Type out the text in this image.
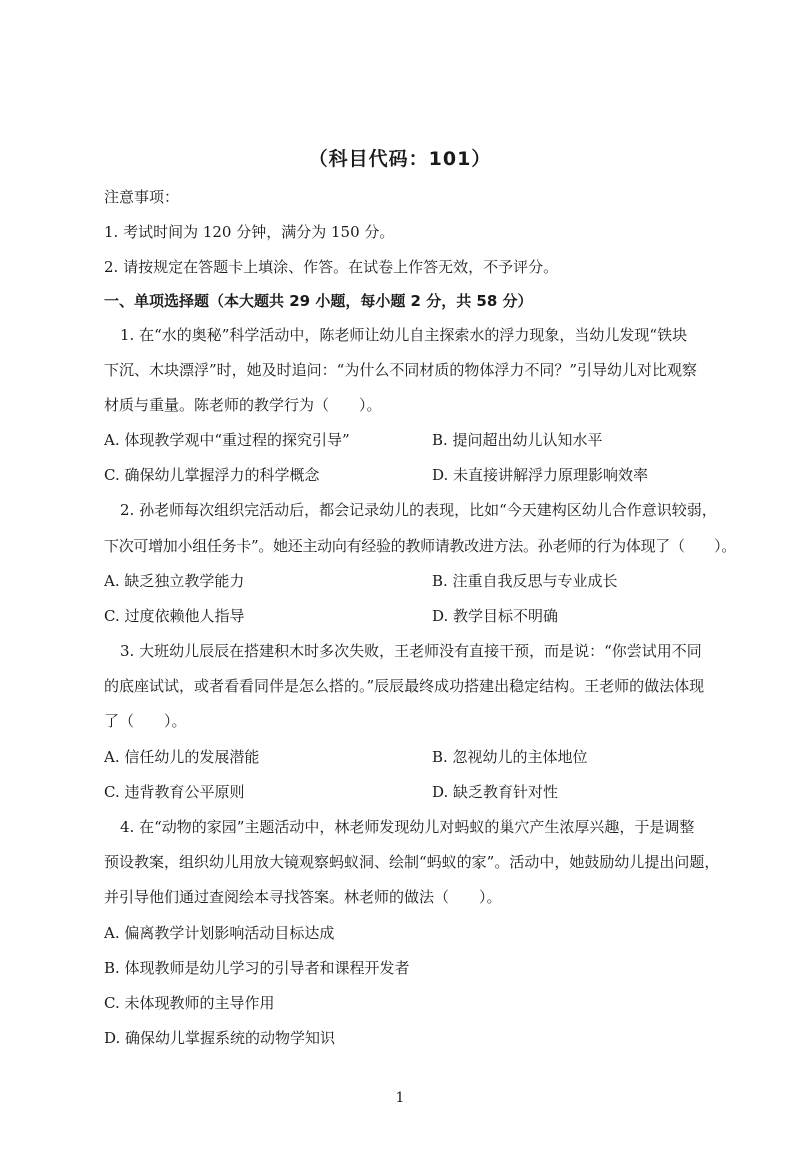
（科目代码：101）
注意事项：
1. 考试时间为 120 分钟，满分为 150 分。
2. 请按规定在答题卡上填涂、作答。在试卷上作答无效，不予评分。
一、单项选择题（本大题共 29 小题，每小题 2 分，共 58 分）
1. 在“水的奥秘”科学活动中，陈老师让幼儿自主探索水的浮力现象，当幼儿发现“铁块
下沉、木块漂浮”时，她及时追问：“为什么不同材质的物体浮力不同？”引导幼儿对比观察
材质与重量。陈老师的教学行为（　　）。
A. 体现教学观中“重过程的探究引导”	B. 提问超出幼儿认知水平
C. 确保幼儿掌握浮力的科学概念	D. 未直接讲解浮力原理影响效率
2. 孙老师每次组织完活动后，都会记录幼儿的表现，比如“今天建构区幼儿合作意识较弱，
下次可增加小组任务卡”。她还主动向有经验的教师请教改进方法。孙老师的行为体现了（　　）。
A. 缺乏独立教学能力	B. 注重自我反思与专业成长
C. 过度依赖他人指导	D. 教学目标不明确
3. 大班幼儿辰辰在搭建积木时多次失败，王老师没有直接干预，而是说：“你尝试用不同
的底座试试，或者看看同伴是怎么搭的。”辰辰最终成功搭建出稳定结构。王老师的做法体现
了（　　）。
A. 信任幼儿的发展潜能	B. 忽视幼儿的主体地位
C. 违背教育公平原则	D. 缺乏教育针对性
4. 在“动物的家园”主题活动中，林老师发现幼儿对蚂蚁的巢穴产生浓厚兴趣，于是调整
预设教案，组织幼儿用放大镜观察蚂蚁洞、绘制“蚂蚁的家”。活动中，她鼓励幼儿提出问题，
并引导他们通过查阅绘本寻找答案。林老师的做法（　　）。
A. 偏离教学计划影响活动目标达成
B. 体现教师是幼儿学习的引导者和课程开发者
C. 未体现教师的主导作用
D. 确保幼儿掌握系统的动物学知识
1
